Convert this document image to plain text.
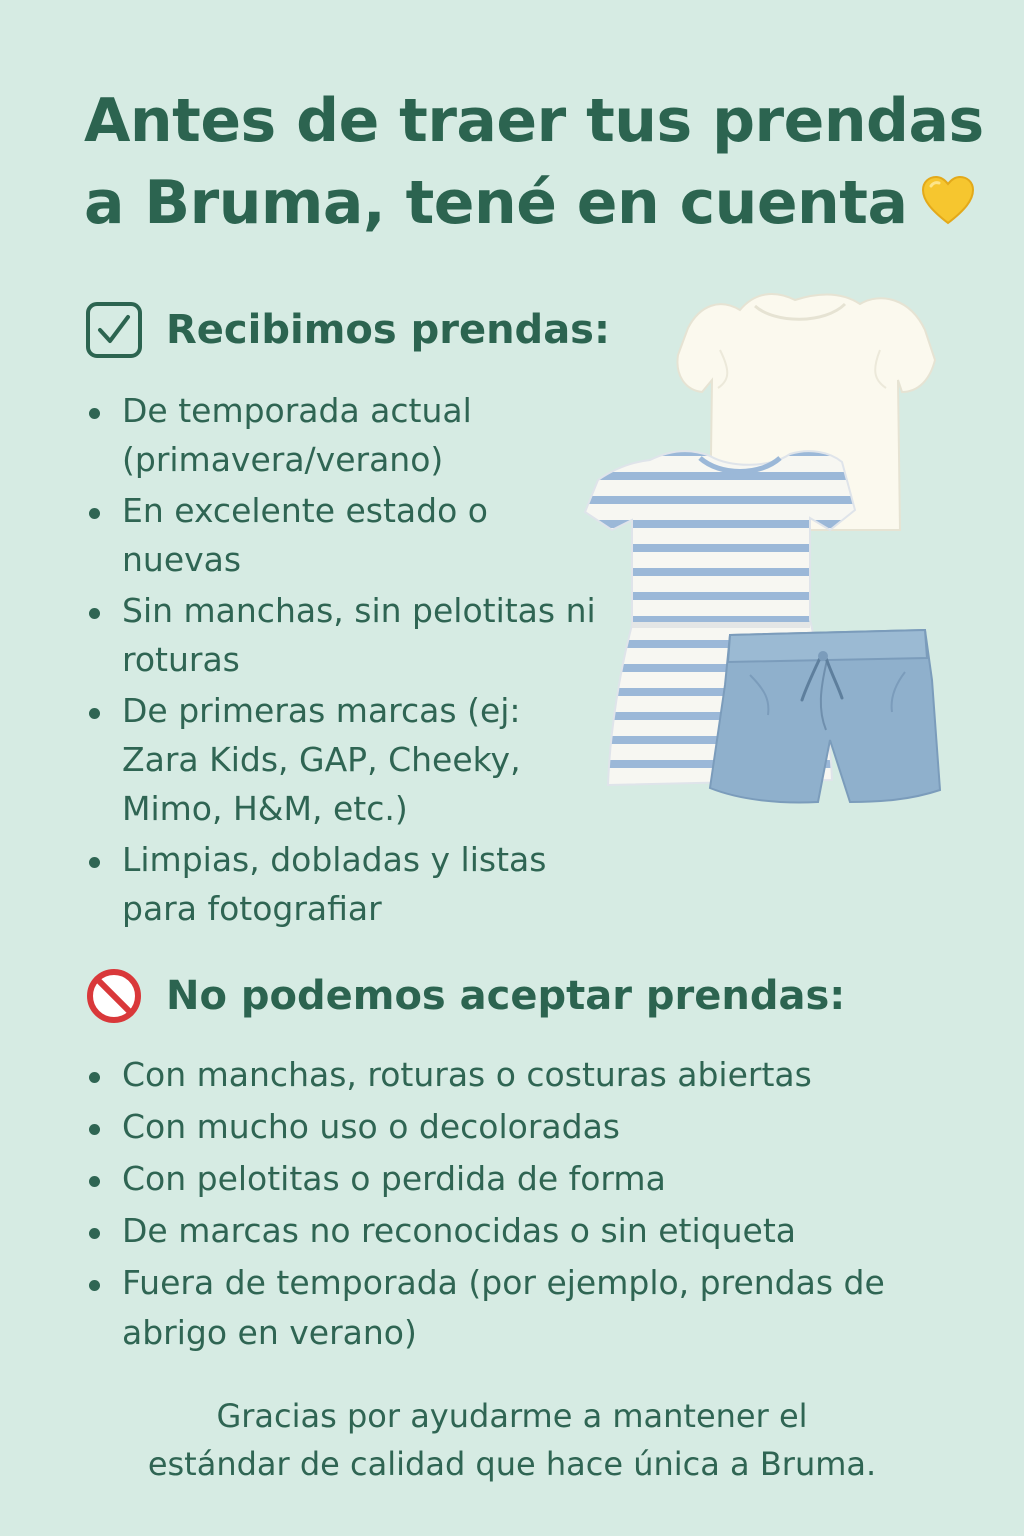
Antes de traer tus prendas
a Bruma, tené en cuenta
Recibimos prendas:
De temporada actual (primavera/verano)
En excelente estado o nuevas
Sin manchas, sin pelotitas ni roturas
De primeras marcas (ej: Zara Kids, GAP, Cheeky, Mimo, H&M, etc.)
Limpias, dobladas y listas para fotografiar
No podemos aceptar prendas:
Con manchas, roturas o costuras abiertas
Con mucho uso o decoloradas
Con pelotitas o perdida de forma
De marcas no reconocidas o sin etiqueta
Fuera de temporada (por ejemplo, prendas de abrigo en verano)

Gracias por ayudarme a mantener el
estándar de calidad que hace única a Bruma.
